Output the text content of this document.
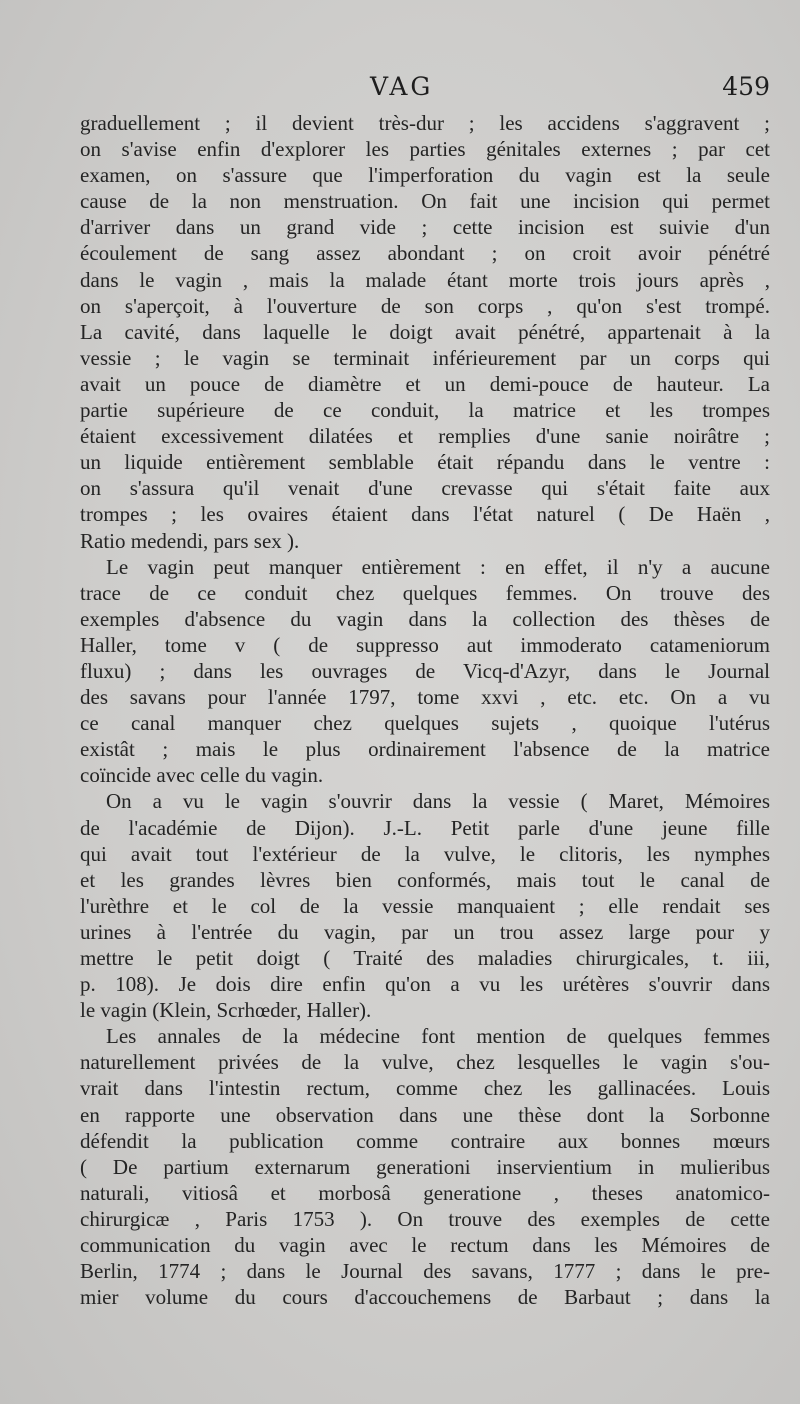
VAG	459
graduellement ; il devient très-dur ; les accidens s'aggravent ;
on s'avise enfin d'explorer les parties génitales externes ; par cet
examen, on s'assure que l'imperforation du vagin est la seule
cause de la non menstruation. On fait une incision qui permet
d'arriver dans un grand vide ; cette incision est suivie d'un
écoulement de sang assez abondant ; on croit avoir pénétré
dans le vagin , mais la malade étant morte trois jours après ,
on s'aperçoit, à l'ouverture de son corps , qu'on s'est trompé.
La cavité, dans laquelle le doigt avait pénétré, appartenait à la
vessie ; le vagin se terminait inférieurement par un corps qui
avait un pouce de diamètre et un demi-pouce de hauteur. La
partie supérieure de ce conduit, la matrice et les trompes
étaient excessivement dilatées et remplies d'une sanie noirâtre ;
un liquide entièrement semblable était répandu dans le ventre :
on s'assura qu'il venait d'une crevasse qui s'était faite aux
trompes ; les ovaires étaient dans l'état naturel ( De Haën ,
Ratio medendi, pars sex ).
Le vagin peut manquer entièrement : en effet, il n'y a aucune
trace de ce conduit chez quelques femmes. On trouve des
exemples d'absence du vagin dans la collection des thèses de
Haller, tome v ( de suppresso aut immoderato catameniorum
fluxu) ; dans les ouvrages de Vicq-d'Azyr, dans le Journal
des savans pour l'année 1797, tome xxvi , etc. etc. On a vu
ce canal manquer chez quelques sujets , quoique l'utérus
existât ; mais le plus ordinairement l'absence de la matrice
coïncide avec celle du vagin.
On a vu le vagin s'ouvrir dans la vessie ( Maret, Mémoires
de l'académie de Dijon). J.-L. Petit parle d'une jeune fille
qui avait tout l'extérieur de la vulve, le clitoris, les nymphes
et les grandes lèvres bien conformés, mais tout le canal de
l'urèthre et le col de la vessie manquaient ; elle rendait ses
urines à l'entrée du vagin, par un trou assez large pour y
mettre le petit doigt ( Traité des maladies chirurgicales, t. iii,
p. 108). Je dois dire enfin qu'on a vu les urétères s'ouvrir dans
le vagin (Klein, Scrhœder, Haller).
Les annales de la médecine font mention de quelques femmes
naturellement privées de la vulve, chez lesquelles le vagin s'ou-
vrait dans l'intestin rectum, comme chez les gallinacées. Louis
en rapporte une observation dans une thèse dont la Sorbonne
défendit la publication comme contraire aux bonnes mœurs
( De partium externarum generationi inservientium in mulieribus
naturali, vitiosâ et morbosâ generatione , theses anatomico-
chirurgicæ , Paris 1753 ). On trouve des exemples de cette
communication du vagin avec le rectum dans les Mémoires de
Berlin, 1774 ; dans le Journal des savans, 1777 ; dans le pre-
mier volume du cours d'accouchemens de Barbaut ; dans la
